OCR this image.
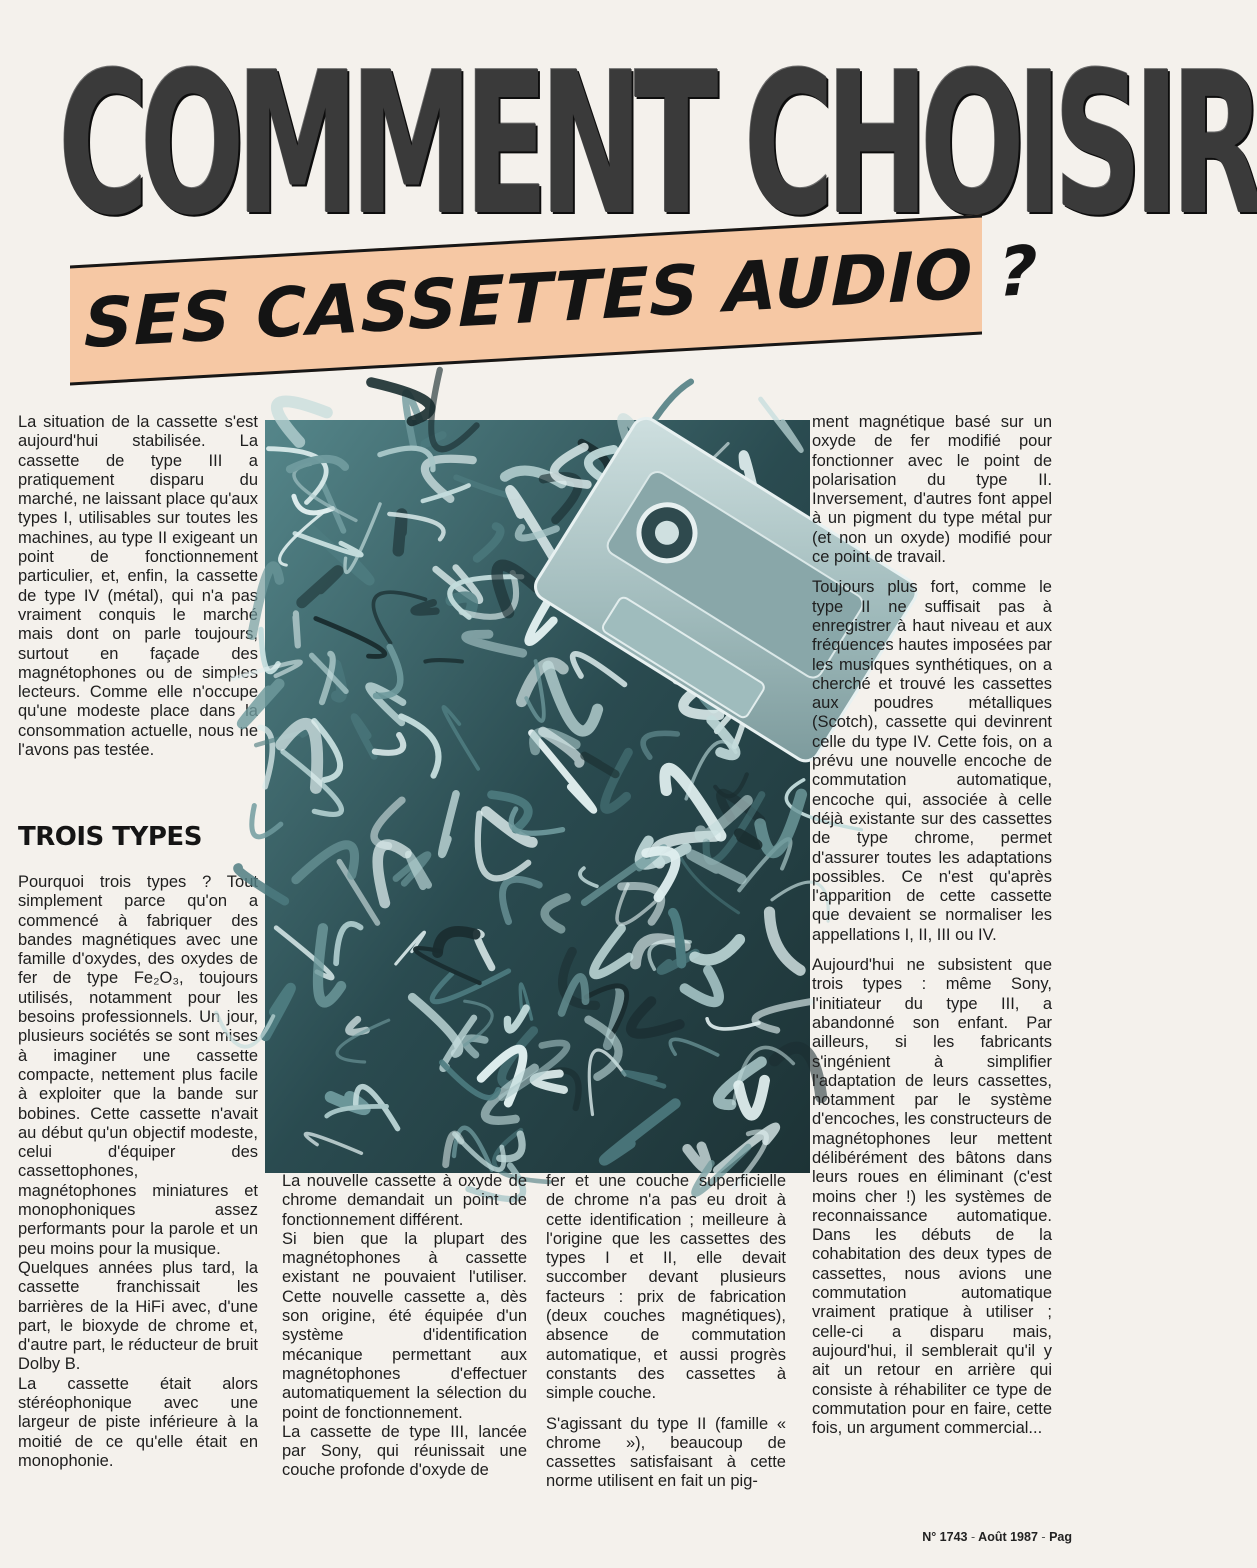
COMMENT CHOISIR
SES CASSETTES AUDIO ?

La situation de la cassette s'est aujourd'hui stabilisée. La cassette de type III a pratiquement disparu du marché, ne laissant place qu'aux types I, utilisables sur toutes les machines, au type II exigeant un point de fonctionnement particulier, et, enfin, la cassette de type IV (métal), qui n'a pas vraiment conquis le marché mais dont on parle toujours, surtout en façade des magnétophones ou de simples lecteurs. Comme elle n'occupe qu'une modeste place dans la consommation actuelle, nous ne l'avons pas testée.

TROIS TYPES

Pourquoi trois types ? Tout simplement parce qu'on a commencé à fabriquer des bandes magnétiques avec une famille d'oxydes, des oxydes de fer de type Fe₂O₃, toujours utilisés, notamment pour les besoins professionnels. Un jour, plusieurs sociétés se sont mises à imaginer une cassette compacte, nettement plus facile à exploiter que la bande sur bobines. Cette cassette n'avait au début qu'un objectif modeste, celui d'équiper des cassettophones, magnétophones miniatures et monophoniques assez performants pour la parole et un peu moins pour la musique.

Quelques années plus tard, la cassette franchissait les barrières de la HiFi avec, d'une part, le bioxyde de chrome et, d'autre part, le réducteur de bruit Dolby B.

La cassette était alors stéréophonique avec une largeur de piste inférieure à la moitié de ce qu'elle était en monophonie.

La nouvelle cassette à oxyde de chrome demandait un point de fonctionnement différent.

Si bien que la plupart des magnétophones à cassette existant ne pouvaient l'utiliser. Cette nouvelle cassette a, dès son origine, été équipée d'un système d'identification mécanique permettant aux magnétophones d'effectuer automatiquement la sélection du point de fonctionnement.

La cassette de type III, lancée par Sony, qui réunissait une couche profonde d'oxyde de

fer et une couche superficielle de chrome n'a pas eu droit à cette identification ; meilleure à l'origine que les cassettes des types I et II, elle devait succomber devant plusieurs facteurs : prix de fabrication (deux couches magnétiques), absence de commutation automatique, et aussi progrès constants des cassettes à simple couche.

S'agissant du type II (famille « chrome »), beaucoup de cassettes satisfaisant à cette norme utilisent en fait un pig-

ment magnétique basé sur un oxyde de fer modifié pour fonctionner avec le point de polarisation du type II. Inversement, d'autres font appel à un pigment du type métal pur (et non un oxyde) modifié pour ce point de travail.

Toujours plus fort, comme le type II ne suffisait pas à enregistrer à haut niveau et aux fréquences hautes imposées par les musiques synthétiques, on a cherché et trouvé les cassettes aux poudres métalliques (Scotch), cassette qui devinrent celle du type IV. Cette fois, on a prévu une nouvelle encoche de commutation automatique, encoche qui, associée à celle déjà existante sur des cassettes de type chrome, permet d'assurer toutes les adaptations possibles. Ce n'est qu'après l'apparition de cette cassette que devaient se normaliser les appellations I, II, III ou IV.

Aujourd'hui ne subsistent que trois types : même Sony, l'initiateur du type III, a abandonné son enfant. Par ailleurs, si les fabricants s'ingénient à simplifier l'adaptation de leurs cassettes, notamment par le système d'encoches, les constructeurs de magnétophones leur mettent délibérément des bâtons dans leurs roues en éliminant (c'est moins cher !) les systèmes de reconnaissance automatique. Dans les débuts de la cohabitation des deux types de cassettes, nous avions une commutation automatique vraiment pratique à utiliser ; celle-ci a disparu mais, aujourd'hui, il semblerait qu'il y ait un retour en arrière qui consiste à réhabiliter ce type de commutation pour en faire, cette fois, un argument commercial...

N° 1743 - Août 1987 - Pag
